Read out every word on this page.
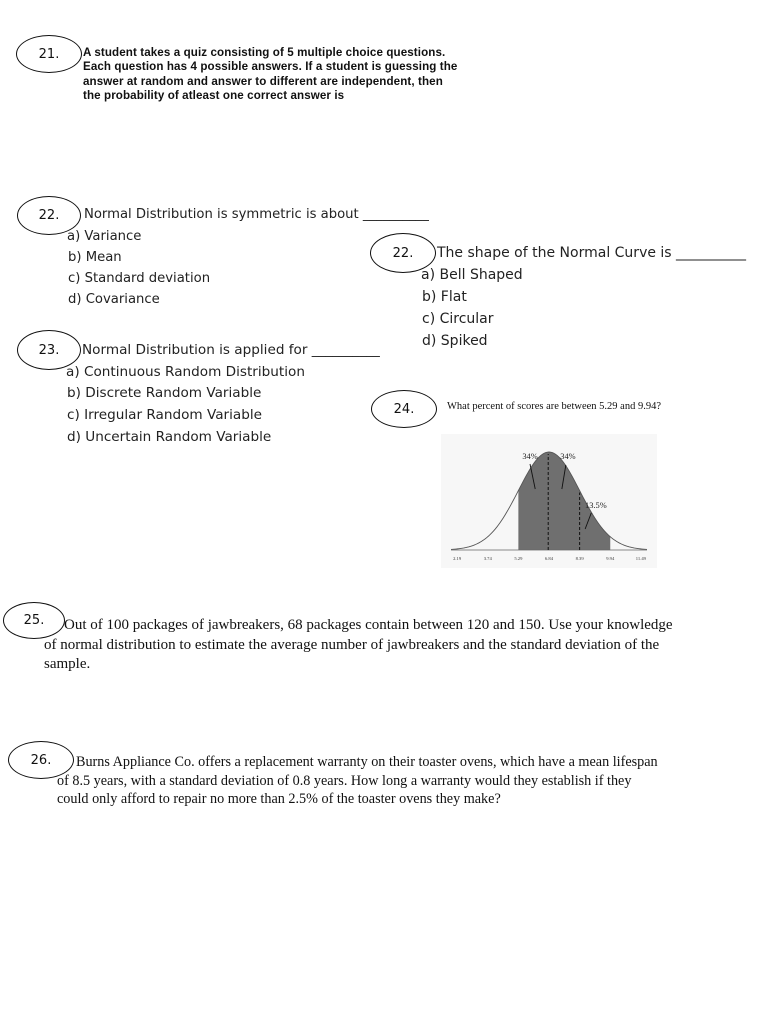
21. A student takes a quiz consisting of 5 multiple choice questions.
Each question has 4 possible answers. If a student is guessing the
answer at random and answer to different are independent, then
the probability of atleast one correct answer is
22. Normal Distribution is symmetric is about __________
a) Variance
b) Mean
c) Standard deviation
d) Covariance
22. The shape of the Normal Curve is __________
a) Bell Shaped
b) Flat
c) Circular
d) Spiked
23. Normal Distribution is applied for __________
a) Continuous Random Distribution
b) Discrete Random Variable
c) Irregular Random Variable
d) Uncertain Random Variable
24.	What percent of scores are between 5.29 and 9.94?
2.19	3.74	5.29	6.84	8.39	9.94	11.49
34%	34%
13.5%
25.	Out of 100 packages of jawbreakers, 68 packages contain between 120 and 150. Use your knowledge
of normal distribution to estimate the average number of jawbreakers and the standard deviation of the
sample.
26.	Burns Appliance Co. offers a replacement warranty on their toaster ovens, which have a mean lifespan
of 8.5 years, with a standard deviation of 0.8 years. How long a warranty would they establish if they
could only afford to repair no more than 2.5% of the toaster ovens they make?
